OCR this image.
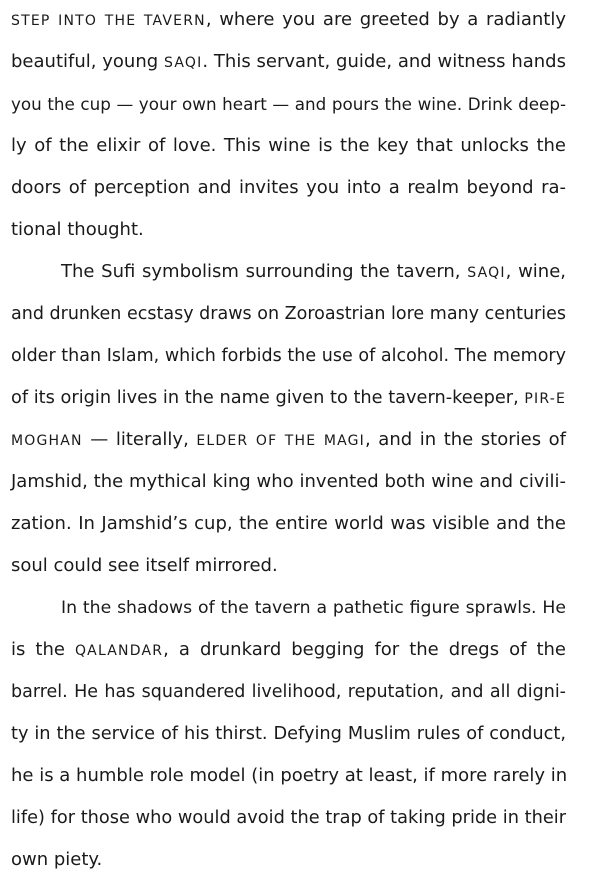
STEP INTO THE TAVERN, where you are greeted by a radiantly

beautiful, young SAQI. This servant, guide, and witness hands

you the cup — your own heart — and pours the wine. Drink deep-

ly of the elixir of love. This wine is the key that unlocks the

doors of perception and invites you into a realm beyond ra-

tional thought.

The Sufi symbolism surrounding the tavern, SAQI, wine,

and drunken ecstasy draws on Zoroastrian lore many centuries

older than Islam, which forbids the use of alcohol. The memory

of its origin lives in the name given to the tavern-keeper, PIR-E

MOGHAN — literally, ELDER OF THE MAGI, and in the stories of

Jamshid, the mythical king who invented both wine and civili-

zation. In Jamshid’s cup, the entire world was visible and the

soul could see itself mirrored.

In the shadows of the tavern a pathetic figure sprawls. He

is the QALANDAR, a drunkard begging for the dregs of the

barrel. He has squandered livelihood, reputation, and all digni-

ty in the service of his thirst. Defying Muslim rules of conduct,

he is a humble role model (in poetry at least, if more rarely in

life) for those who would avoid the trap of taking pride in their

own piety.
